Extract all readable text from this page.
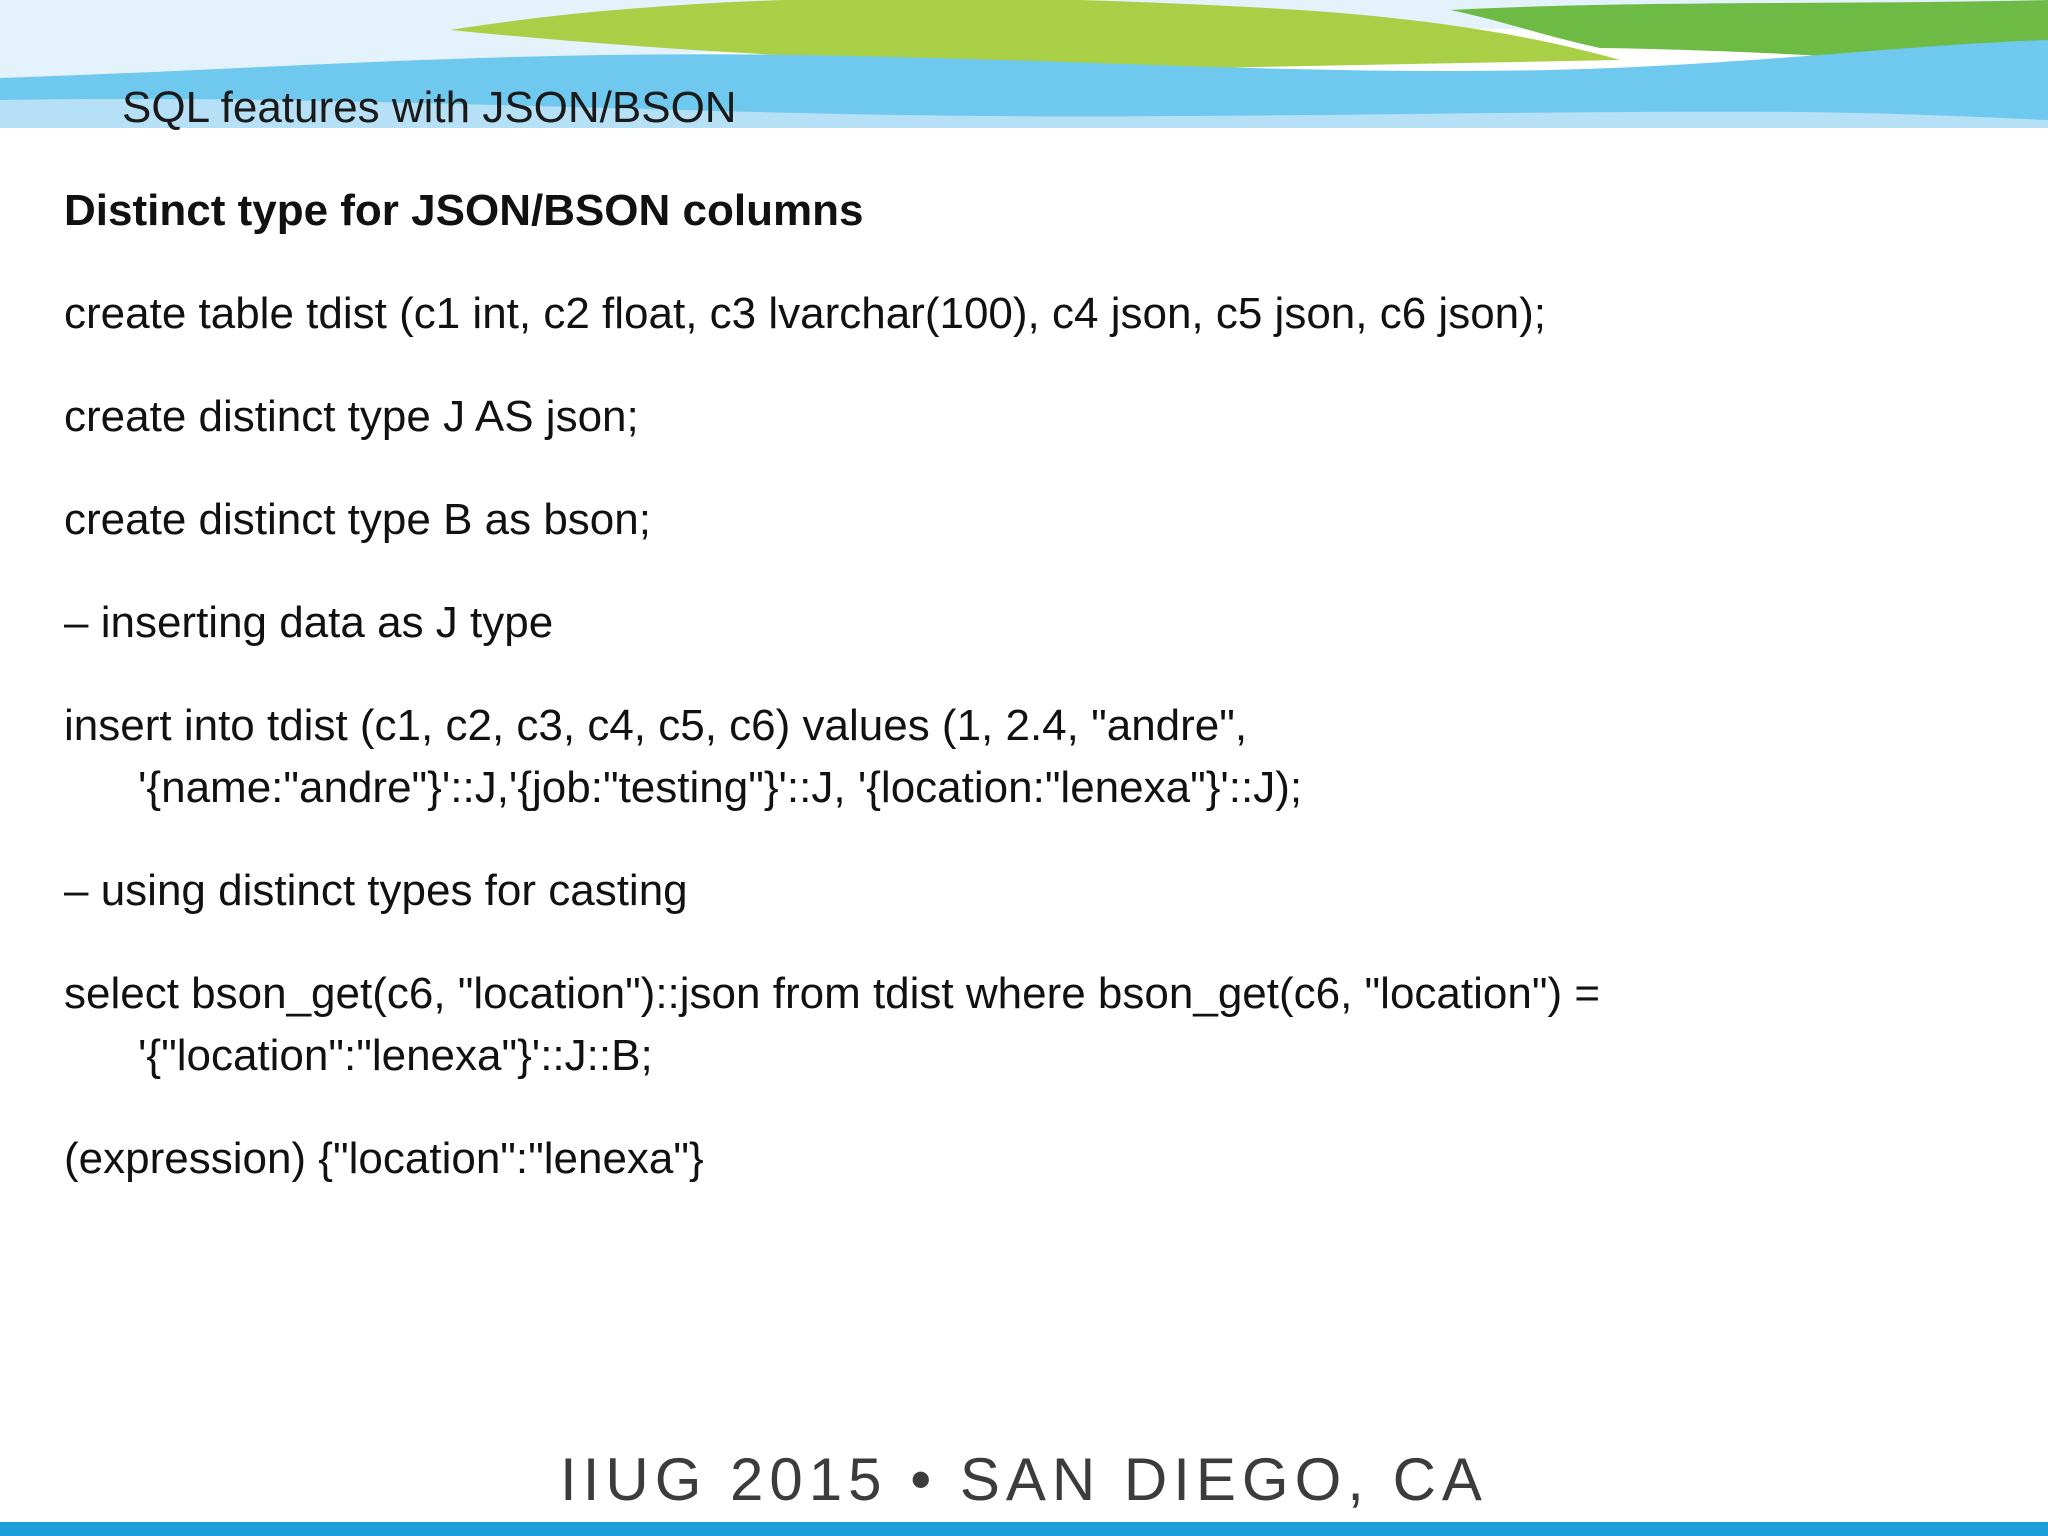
SQL features with JSON/BSON
Distinct type for JSON/BSON columns
create table tdist (c1 int, c2 float, c3 lvarchar(100), c4 json, c5 json, c6 json);
create distinct type J AS json;
create distinct type B as bson;
– inserting data as J type
insert into tdist (c1, c2, c3, c4, c5, c6) values (1, 2.4, "andre",
'{name:"andre"}'::J,'{job:"testing"}'::J, '{location:"lenexa"}'::J);
– using distinct types for casting
select bson_get(c6, "location")::json from tdist where bson_get(c6, "location") =
'{"location":"lenexa"}'::J::B;
(expression) {"location":"lenexa"}
IIUG 2015 • SAN DIEGO, CA
